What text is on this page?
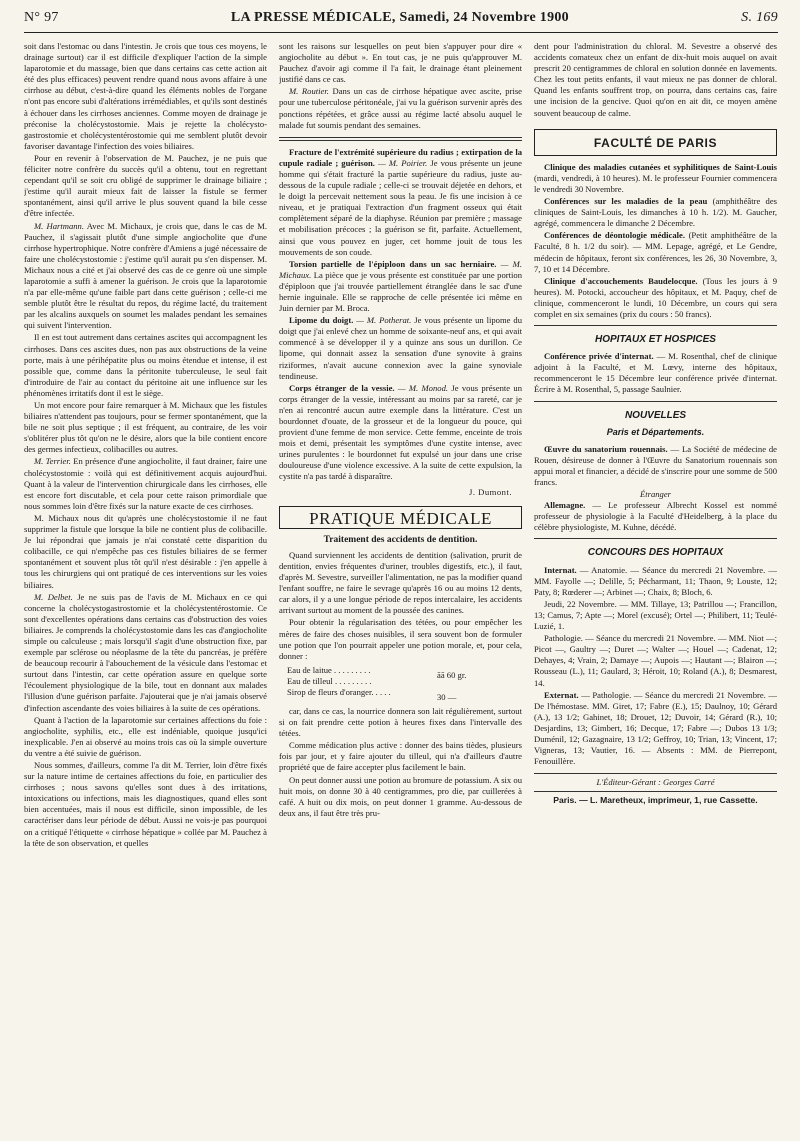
N° 97	LA PRESSE MÉDICALE, Samedi, 24 Novembre 1900	S. 169

soit dans l'estomac ou dans l'intestin. Je crois que tous ces moyens, le drainage surtout) car il est difficile d'expliquer l'action de la simple laparotomie et du massage, bien que dans certains cas cette action ait été des plus efficaces) peuvent rendre quand nous avons affaire à une cirrhose au début, c'est-à-dire quand les éléments nobles de l'organe n'ont pas encore subi d'altérations irrémédiables, et qu'ils sont destinés à échouer dans les cirrhoses anciennes. Comme moyen de drainage je préconise la cholécystostomie. Mais je rejette la cholécysto-gastrostomie et cholécystentérostomie qui me semblent plutôt devoir favoriser davantage l'infection des voies biliaires.

Pour en revenir à l'observation de M. Pauchez, je ne puis que féliciter notre confrère du succès qu'il a obtenu, tout en regrettant cependant qu'il se soit cru obligé de supprimer le drainage biliaire ; j'estime qu'il aurait mieux fait de laisser la fistule se fermer spontanément, ainsi qu'il arrive le plus souvent quand la bile cesse d'être infectée.

M. Hartmann. Avec M. Michaux, je crois que, dans le cas de M. Pauchez, il s'agissait plutôt d'une simple angiocholite que d'une cirrhose hypertrophique. Notre confrère d'Amiens a jugé nécessaire de faire une cholécystostomie : j'estime qu'il aurait pu s'en dispenser. M. Michaux nous a cité et j'ai observé des cas de ce genre où une simple laparotomie a suffi à amener la guérison. Je crois que la laparotomie n'a par elle-même qu'une faible part dans cette guérison ; celle-ci me semble plutôt être le résultat du repos, du régime lacté, du traitement par les alcalins auxquels on soumet les malades pendant les semaines qui suivent l'intervention.

Il en est tout autrement dans certaines ascites qui accompagnent les cirrhoses. Dans ces ascites dues, non pas aux obstructions de la veine porte, mais à une périhépatite plus ou moins étendue et intense, il est possible que, comme dans la péritonite tuberculeuse, le seul fait d'introduire de l'air au contact du péritoine ait une influence sur les phénomènes irritatifs dont il est le siège.

Un mot encore pour faire remarquer à M. Michaux que les fistules biliaires n'attendent pas toujours, pour se fermer spontanément, que la bile ne soit plus septique ; il est fréquent, au contraire, de les voir s'oblitérer plus tôt qu'on ne le désire, alors que la bile contient encore des germes infectieux, colibacilles ou autres.

M. Terrier. En présence d'une angiocholite, il faut drainer, faire une cholécystostomie : voilà qui est définitivement acquis aujourd'hui. Quant à la valeur de l'intervention chirurgicale dans les cirrhoses, elle est encore fort discutable, et cela pour cette raison primordiale que nous sommes loin d'être fixés sur la nature exacte de ces cirrhoses.

M. Michaux nous dit qu'après une cholécystostomie il ne faut supprimer la fistule que lorsque la bile ne contient plus de colibacille. Je lui répondrai que jamais je n'ai constaté cette disparition du colibacille, ce qui n'empêche pas ces fistules biliaires de se fermer spontanément et souvent plus tôt qu'il n'est désirable : j'en appelle à tous les chirurgiens qui ont pratiqué de ces interventions sur les voies biliaires.

M. Delbet. Je ne suis pas de l'avis de M. Michaux en ce qui concerne la cholécystogastrostomie et la cholécystentérostomie. Ce sont d'excellentes opérations dans certains cas d'obstruction des voies biliaires. Je comprends la cholécystostomie dans les cas d'angiocholite simple ou calculeuse ; mais lorsqu'il s'agit d'une obstruction fixe, par exemple par sclérose ou néoplasme de la tête du pancréas, je préfère de beaucoup recourir à l'abouchement de la vésicule dans l'estomac et surtout dans l'intestin, car cette opération assure en quelque sorte l'écoulement physiologique de la bile, tout en donnant aux malades l'illusion d'une guérison parfaite. J'ajouterai que je n'ai jamais observé d'infection ascendante des voies biliaires à la suite de ces opérations.

Quant à l'action de la laparotomie sur certaines affections du foie : angiocholite, syphilis, etc., elle est indéniable, quoique jusqu'ici inexplicable. J'en ai observé au moins trois cas où la simple ouverture du ventre a été suivie de guérison.

Nous sommes, d'ailleurs, comme l'a dit M. Terrier, loin d'être fixés sur la nature intime de certaines affections du foie, en particulier des cirrhoses ; nous savons qu'elles sont dues à des irritations, intoxications ou infections, mais les diagnostiques, quand elles sont bien accentuées, mais il nous est difficile, sinon impossible, de les caractériser dans leur période de début. Aussi ne vois-je pas pourquoi on a critiqué l'étiquette « cirrhose hépatique » collée par M. Pauchez à la tête de son observation, et quelles

sont les raisons sur lesquelles on peut bien s'appuyer pour dire « angiocholite au début ». En tout cas, je ne puis qu'approuver M. Pauchez d'avoir agi comme il l'a fait, le drainage étant pleinement justifié dans ce cas.

M. Routier. Dans un cas de cirrhose hépatique avec ascite, prise pour une tuberculose péritonéale, j'ai vu la guérison survenir après des ponctions répétées, et grâce aussi au régime lacté absolu auquel le malade fut soumis pendant des semaines.

Fracture de l'extrémité supérieure du radius ; extirpation de la cupule radiale ; guérison. — M. Poirier. Je vous présente un jeune homme qui s'était fracturé la partie supérieure du radius, juste au-dessous de la cupule radiale ; celle-ci se trouvait déjetée en dehors, et le doigt la percevait nettement sous la peau. Je fis une incision à ce niveau, et je pratiquai l'extraction d'un fragment osseux qui était complètement séparé de la diaphyse. Réunion par première ; massage et mobilisation précoces ; la guérison se fit, parfaite. Actuellement, ainsi que vous pouvez en juger, cet homme jouit de tous les mouvements de son coude.

Torsion partielle de l'épiploon dans un sac herniaire. — M. Michaux. La pièce que je vous présente est constituée par une portion d'épiploon que j'ai trouvée partiellement étranglée dans le sac d'une hernie inguinale. Elle se rapproche de celle présentée ici même en Juin dernier par M. Broca.

Lipome du doigt. — M. Potherat. Je vous présente un lipome du doigt que j'ai enlevé chez un homme de soixante-neuf ans, et qui avait commencé à se développer il y a quinze ans sous un durillon. Ce lipome, qui donnait assez la sensation d'une synovite à grains riziformes, n'avait aucune connexion avec la gaine synoviale tendineuse.

Corps étranger de la vessie. — M. Monod. Je vous présente un corps étranger de la vessie, intéressant au moins par sa rareté, car je n'en ai rencontré aucun autre exemple dans la littérature. C'est un bourdonnet d'ouate, de la grosseur et de la longueur du pouce, qui provient d'une femme de mon service. Cette femme, enceinte de trois mois et demi, présentait les symptômes d'une cystite intense, avec urines purulentes : le bourdonnet fut expulsé un jour dans une crise douloureuse d'une violence excessive. A la suite de cette expulsion, la cystite n'a pas tardé à disparaître.

J. Dumont.
PRATIQUE MÉDICALE
Traitement des accidents de dentition.

Quand surviennent les accidents de dentition (salivation, prurit de dentition, envies fréquentes d'uriner, troubles digestifs, etc.), il faut, d'après M. Sevestre, surveiller l'alimentation, ne pas la modifier quand l'enfant souffre, ne faire le sevrage qu'après 16 ou au moins 12 dents, car alors, il y a une longue période de repos intercalaire, les accidents arrivant surtout au moment de la poussée des canines.

Pour obtenir la régularisation des tétées, ou pour empêcher les mères de faire des choses nuisibles, il sera souvent bon de formuler une potion que l'on pourrait appeler une potion morale, et, pour cela, donner :

Eau de laitue . . . . . . . . .
Eau de tilleul . . . . . . . . .
Sirop de fleurs d'oranger. . . . .
āā 60 gr.
30 —

car, dans ce cas, la nourrice donnera son lait régulièrement, surtout si on fait prendre cette potion à heures fixes dans l'intervalle des tétées.

Comme médication plus active : donner des bains tièdes, plusieurs fois par jour, et y faire ajouter du tilleul, qui n'a d'ailleurs d'autre propriété que de faire accepter plus facilement le bain.

On peut donner aussi une potion au bromure de potassium. A six ou huit mois, on donne 30 à 40 centigrammes, pro die, par cuillerées à café. A huit ou dix mois, on peut donner 1 gramme. Au-dessous de deux ans, il faut être très pru-

dent pour l'administration du chloral. M. Sevestre a observé des accidents comateux chez un enfant de dix-huit mois auquel on avait prescrit 20 centigrammes de chloral en solution donnée en lavements. Chez les tout petits enfants, il vaut mieux ne pas donner de chloral. Quand les enfants souffrent trop, on pourra, dans certains cas, faire une incision de la gencive. Quoi qu'on en ait dit, ce moyen amène souvent beaucoup de calme.

FACULTÉ DE PARIS

Clinique des maladies cutanées et syphilitiques de Saint-Louis (mardi, vendredi, à 10 heures). M. le professeur Fournier commencera le vendredi 30 Novembre.

Conférences sur les maladies de la peau (amphithéâtre des cliniques de Saint-Louis, les dimanches à 10 h. 1/2). M. Gaucher, agrégé, commencera le dimanche 2 Décembre.

Conférences de déontologie médicale. (Petit amphithéâtre de la Faculté, 8 h. 1/2 du soir). — MM. Lepage, agrégé, et Le Gendre, médecin de hôpitaux, feront six conférences, les 26, 30 Novembre, 3, 7, 10 et 14 Décembre.

Clinique d'accouchements Baudelocque. (Tous les jours à 9 heures). M. Potocki, accoucheur des hôpitaux, et M. Paquy, chef de clinique, commenceront le lundi, 10 Décembre, un cours qui sera complet en six semaines (prix du cours : 50 francs).

HOPITAUX ET HOSPICES

Conférence privée d'internat. — M. Rosenthal, chef de clinique adjoint à la Faculté, et M. Lœvy, interne des hôpitaux, recommenceront le 15 Décembre leur conférence privée d'internat. Écrire à M. Rosenthal, 5, passage Saulnier.

NOUVELLES
Paris et Départements.

Œuvre du sanatorium rouennais. — La Société de médecine de Rouen, désireuse de donner à l'Œuvre du Sanatorium rouennais son appui moral et financier, a décidé de s'inscrire pour une somme de 500 francs.

Étranger

Allemagne. — Le professeur Albrecht Kossel est nommé professeur de physiologie à la Faculté d'Heidelberg, à la place du célèbre physiologiste, M. Kuhne, décédé.

CONCOURS DES HOPITAUX

Internat. — Anatomie. — Séance du mercredi 21 Novembre. — MM. Fayolle —; Delille, 5; Pécharmant, 11; Thaon, 9; Louste, 12; Paty, 8; Rœderer —; Arbinet —; Chaix, 8; Bloch, 6.

Jeudi, 22 Novembre. — MM. Tillaye, 13; Patrillou —; Francillon, 13; Camus, 7; Apte —; Morel (excusé); Ortel —; Philibert, 11; Teulé-Luzié, 1.

Pathologie. — Séance du mercredi 21 Novembre. — MM. Niot —; Picot —, Gaultry —; Duret —; Walter —; Houel —; Cadenat, 12; Dehayes, 4; Vrain, 2; Damaye —; Aupois —; Hautant —; Blairon —; Rousseau (L.), 11; Gaulard, 3; Héroit, 10; Roland (A.), 8; Desmarest, 14.

Externat. — Pathologie. — Séance du mercredi 21 Novembre. — De l'hémostase. MM. Giret, 17; Fabre (E.), 15; Daulnoy, 10; Gérard (A.), 13 1/2; Gahinet, 18; Drouet, 12; Duvoir, 14; Gérard (R.), 10; Desjardins, 13; Gimbert, 16; Decque, 17; Fabre —; Dubos 13 1/3; Duménil, 12; Gazagnaire, 13 1/2; Geffroy, 10; Trian, 13; Vincent, 17; Vigneras, 13; Vautier, 16. — Absents : MM. de Pierrepont, Fenouillère.

L'Éditeur-Gérant : Georges Carré
Paris. — L. Maretheux, imprimeur, 1, rue Cassette.
